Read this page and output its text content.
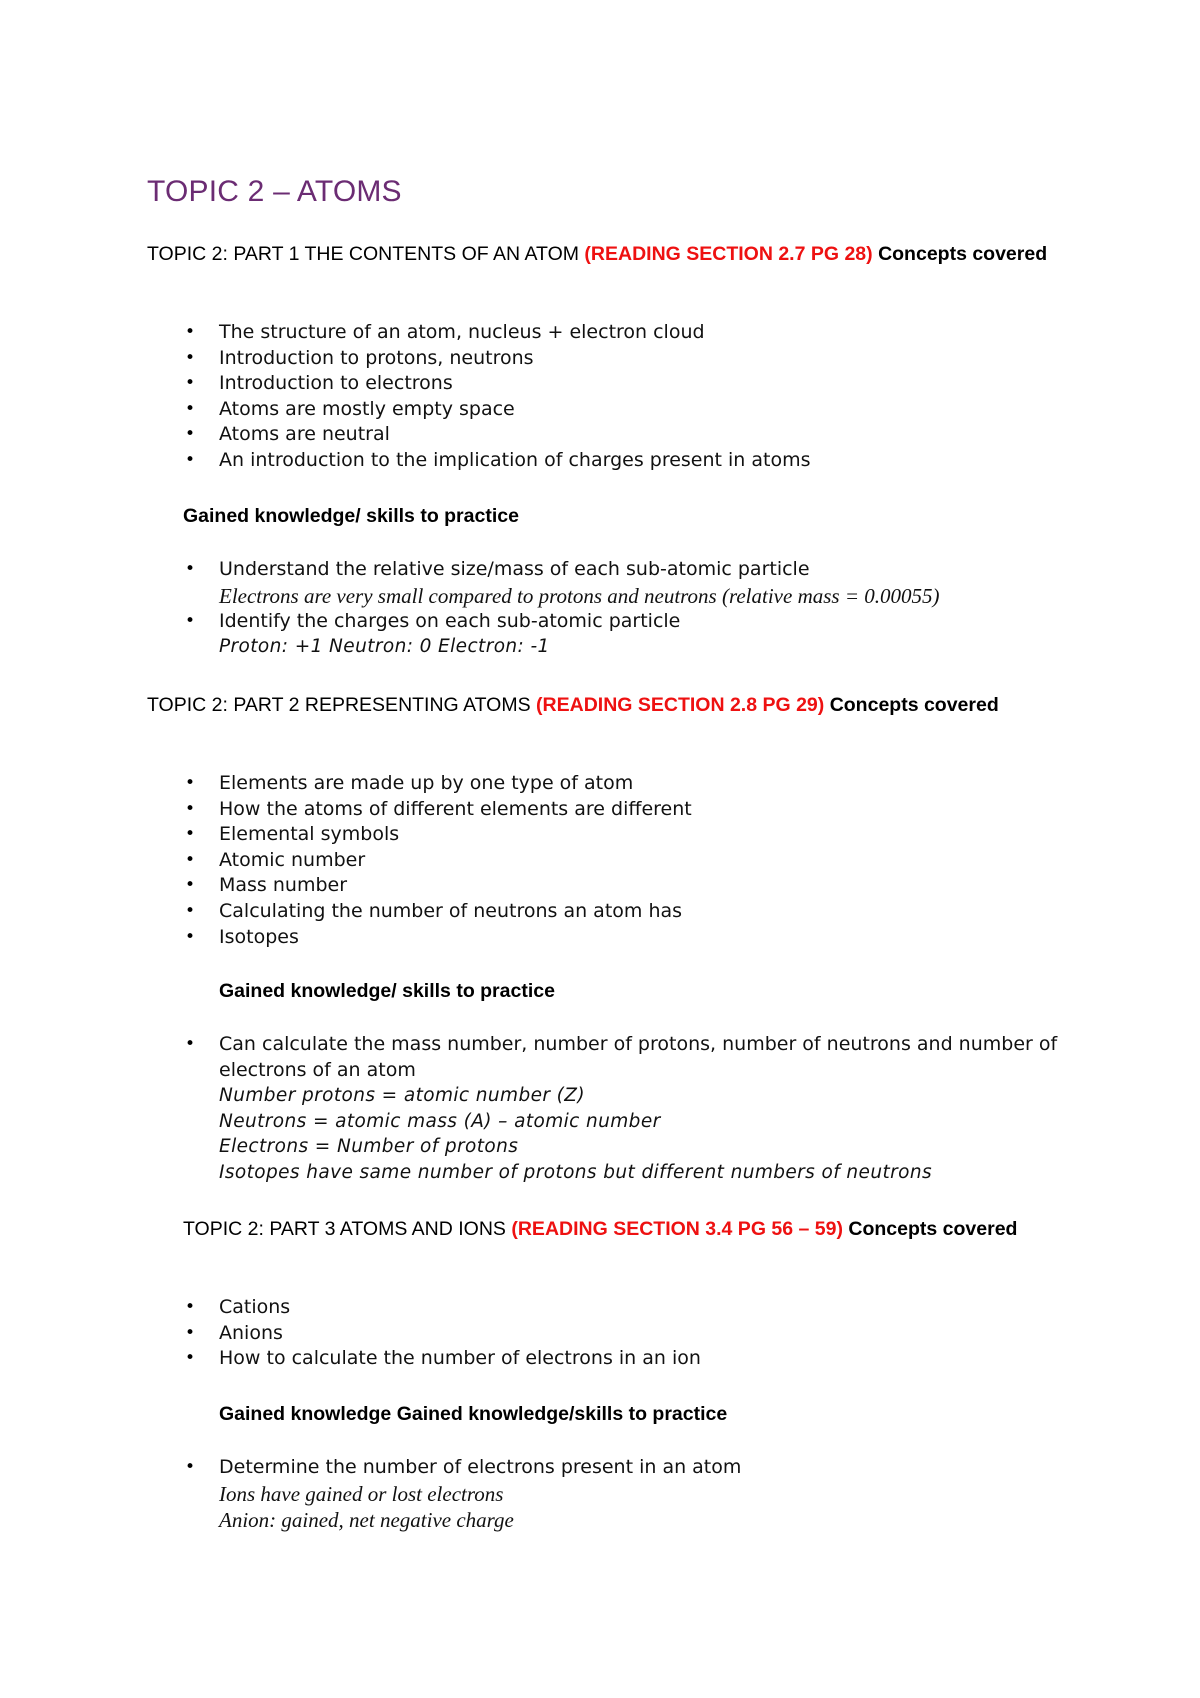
TOPIC 2 – ATOMS

TOPIC 2: PART 1 THE CONTENTS OF AN ATOM (READING SECTION 2.7 PG 28) Concepts covered

• The structure of an atom, nucleus + electron cloud
• Introduction to protons, neutrons
• Introduction to electrons
• Atoms are mostly empty space
• Atoms are neutral
• An introduction to the implication of charges present in atoms

Gained knowledge/ skills to practice

• Understand the relative size/mass of each sub-atomic particle
Electrons are very small compared to protons and neutrons (relative mass = 0.00055)
• Identify the charges on each sub-atomic particle
Proton: +1 Neutron: 0 Electron: -1

TOPIC 2: PART 2 REPRESENTING ATOMS (READING SECTION 2.8 PG 29) Concepts covered

• Elements are made up by one type of atom
• How the atoms of different elements are different
• Elemental symbols
• Atomic number
• Mass number
• Calculating the number of neutrons an atom has
• Isotopes

Gained knowledge/ skills to practice

• Can calculate the mass number, number of protons, number of neutrons and number of electrons of an atom
Number protons = atomic number (Z)
Neutrons = atomic mass (A) – atomic number
Electrons = Number of protons
Isotopes have same number of protons but different numbers of neutrons

TOPIC 2: PART 3 ATOMS AND IONS (READING SECTION 3.4 PG 56 – 59) Concepts covered

• Cations
• Anions
• How to calculate the number of electrons in an ion

Gained knowledge Gained knowledge/skills to practice

• Determine the number of electrons present in an atom
Ions have gained or lost electrons
Anion: gained, net negative charge
